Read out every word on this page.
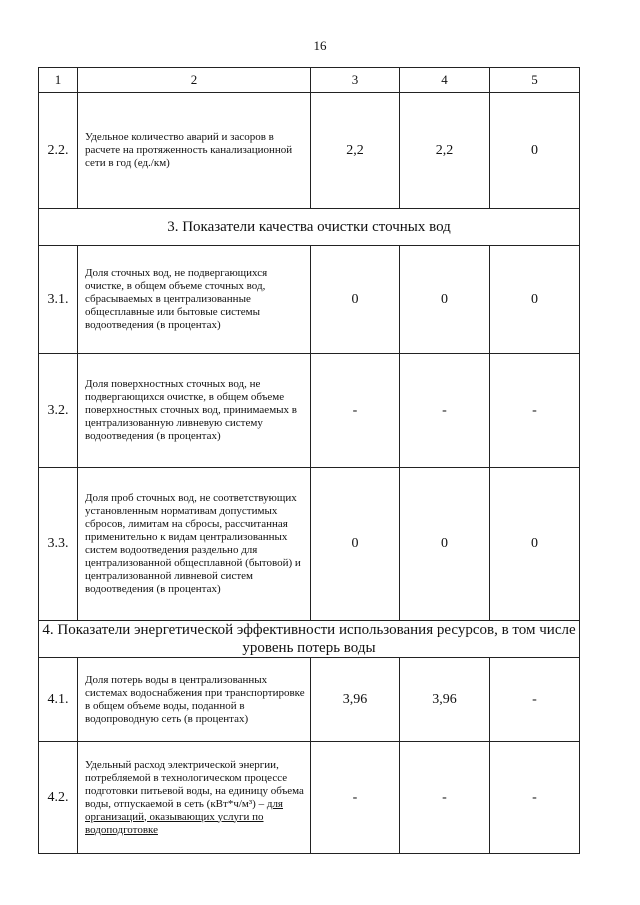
16
1	2	3	4	5
2.2.	Удельное количество аварий и засоров в расчете на протяженность канализационной сети в год (ед./км)	2,2	2,2	0
3. Показатели качества очистки сточных вод				
3.1.	Доля сточных вод, не подвергающихся очистке, в общем объеме сточных вод, сбрасываемых в централизованные общесплавные или бытовые системы водоотведения (в процентах)	0	0	0
3.2.	Доля поверхностных сточных вод, не подвергающихся очистке, в общем объеме поверхностных сточных вод, принимаемых в централизованную ливневую систему водоотведения (в процентах)	-	-	-
3.3.	Доля проб сточных вод, не соответствующих установленным нормативам допустимых сбросов, лимитам на сбросы, рассчитанная применительно к видам централизованных систем водоотведения раздельно для централизованной общесплавной (бытовой) и централизованной ливневой систем водоотведения (в процентах)	0	0	0
4. Показатели энергетической эффективности использования ресурсов, в том числе уровень потерь воды				
4.1.	Доля потерь воды в централизованных системах водоснабжения при транспортировке в общем объеме воды, поданной в водопроводную сеть (в процентах)	3,96	3,96	-
4.2.	Удельный расход электрической энергии, потребляемой в технологическом процессе подготовки питьевой воды, на единицу объема воды, отпускаемой в сеть (кВт*ч/м³) – для организаций, оказывающих услуги по водоподготовке	-	-	-
